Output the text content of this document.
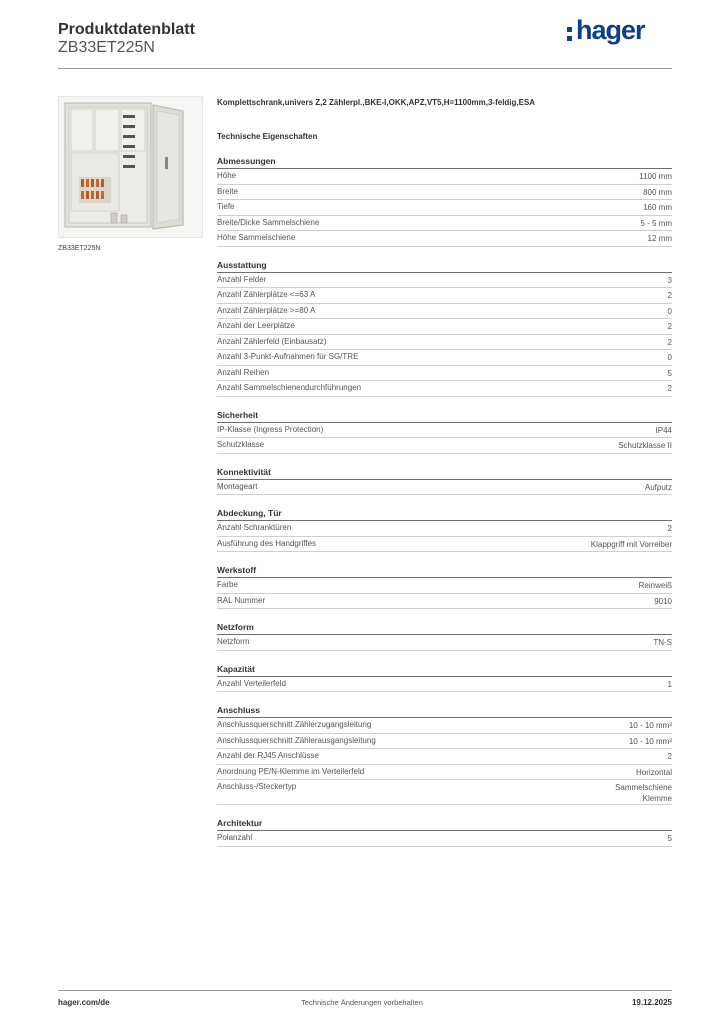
Produktdatenblatt
ZB33ET225N
hager
ZB33ET225N
Komplettschrank,univers Z,2 Zählerpl.,BKE-I,OKK,APZ,VT5,H=1100mm,3-feldig,ESA
Technische Eigenschaften
Abmessungen
Höhe	1100 mm
Breite	800 mm
Tiefe	160 mm
Breite/Dicke Sammelschiene	5 - 5 mm
Höhe Sammelschiene	12 mm
Ausstattung
Anzahl Felder	3
Anzahl Zählerplätze <=63 A	2
Anzahl Zählerplätze >=80 A	0
Anzahl der Leerplätze	2
Anzahl Zählerfeld (Einbausatz)	2
Anzahl 3-Punkt-Aufnahmen für SG/TRE	0
Anzahl Reihen	5
Anzahl Sammelschienendurchführungen	2
Sicherheit
IP-Klasse (Ingress Protection)	IP44
Schutzklasse	Schutzklasse II
Konnektivität
Montageart	Aufputz
Abdeckung, Tür
Anzahl Schranktüren	2
Ausführung des Handgriffes	Klappgriff mit Vorreiber
Werkstoff
Farbe	Reinweiß
RAL Nummer	9010
Netzform
Netzform	TN-S
Kapazität
Anzahl Verteilerfeld	1
Anschluss
Anschlussquerschnitt Zählerzugangsleitung	10 - 10 mm²
Anschlussquerschnitt Zählerausgangsleitung	10 - 10 mm²
Anzahl der RJ45 Anschlüsse	2
Anordnung PE/N-Klemme im Verteilerfeld	Horizontal
Anschluss-/Steckertyp	Sammelschiene
Klemme
Architektur
Polanzahl	5
hager.com/de	Technische Änderungen vorbehalten	19.12.2025
